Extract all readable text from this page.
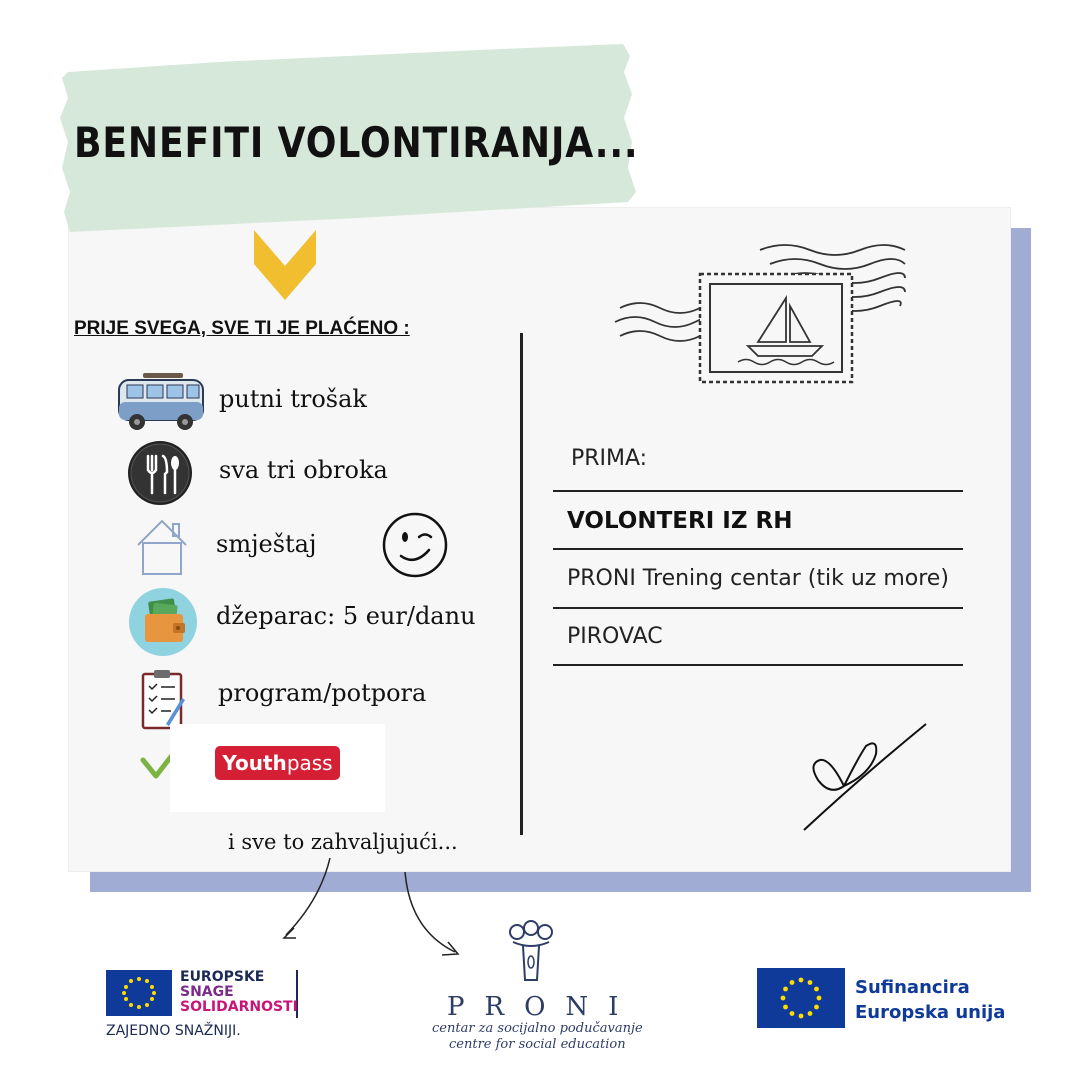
BENEFITI VOLONTIRANJA...
PRIJE SVEGA, SVE TI JE PLAĆENO :
putni trošak
sva tri obroka
smještaj
džeparac: 5 eur/danu
program/potpora
Youthpass
i sve to zahvaljujući...
PRIMA:
VOLONTERI IZ RH
PRONI Trening centar (tik uz more)
PIROVAC
EUROPSKE
SNAGE
SOLIDARNOSTI
ZAJEDNO SNAŽNIJI.
PRONI
centar za socijalno podučavanje
centre for social education
Sufinancira
Europska unija
